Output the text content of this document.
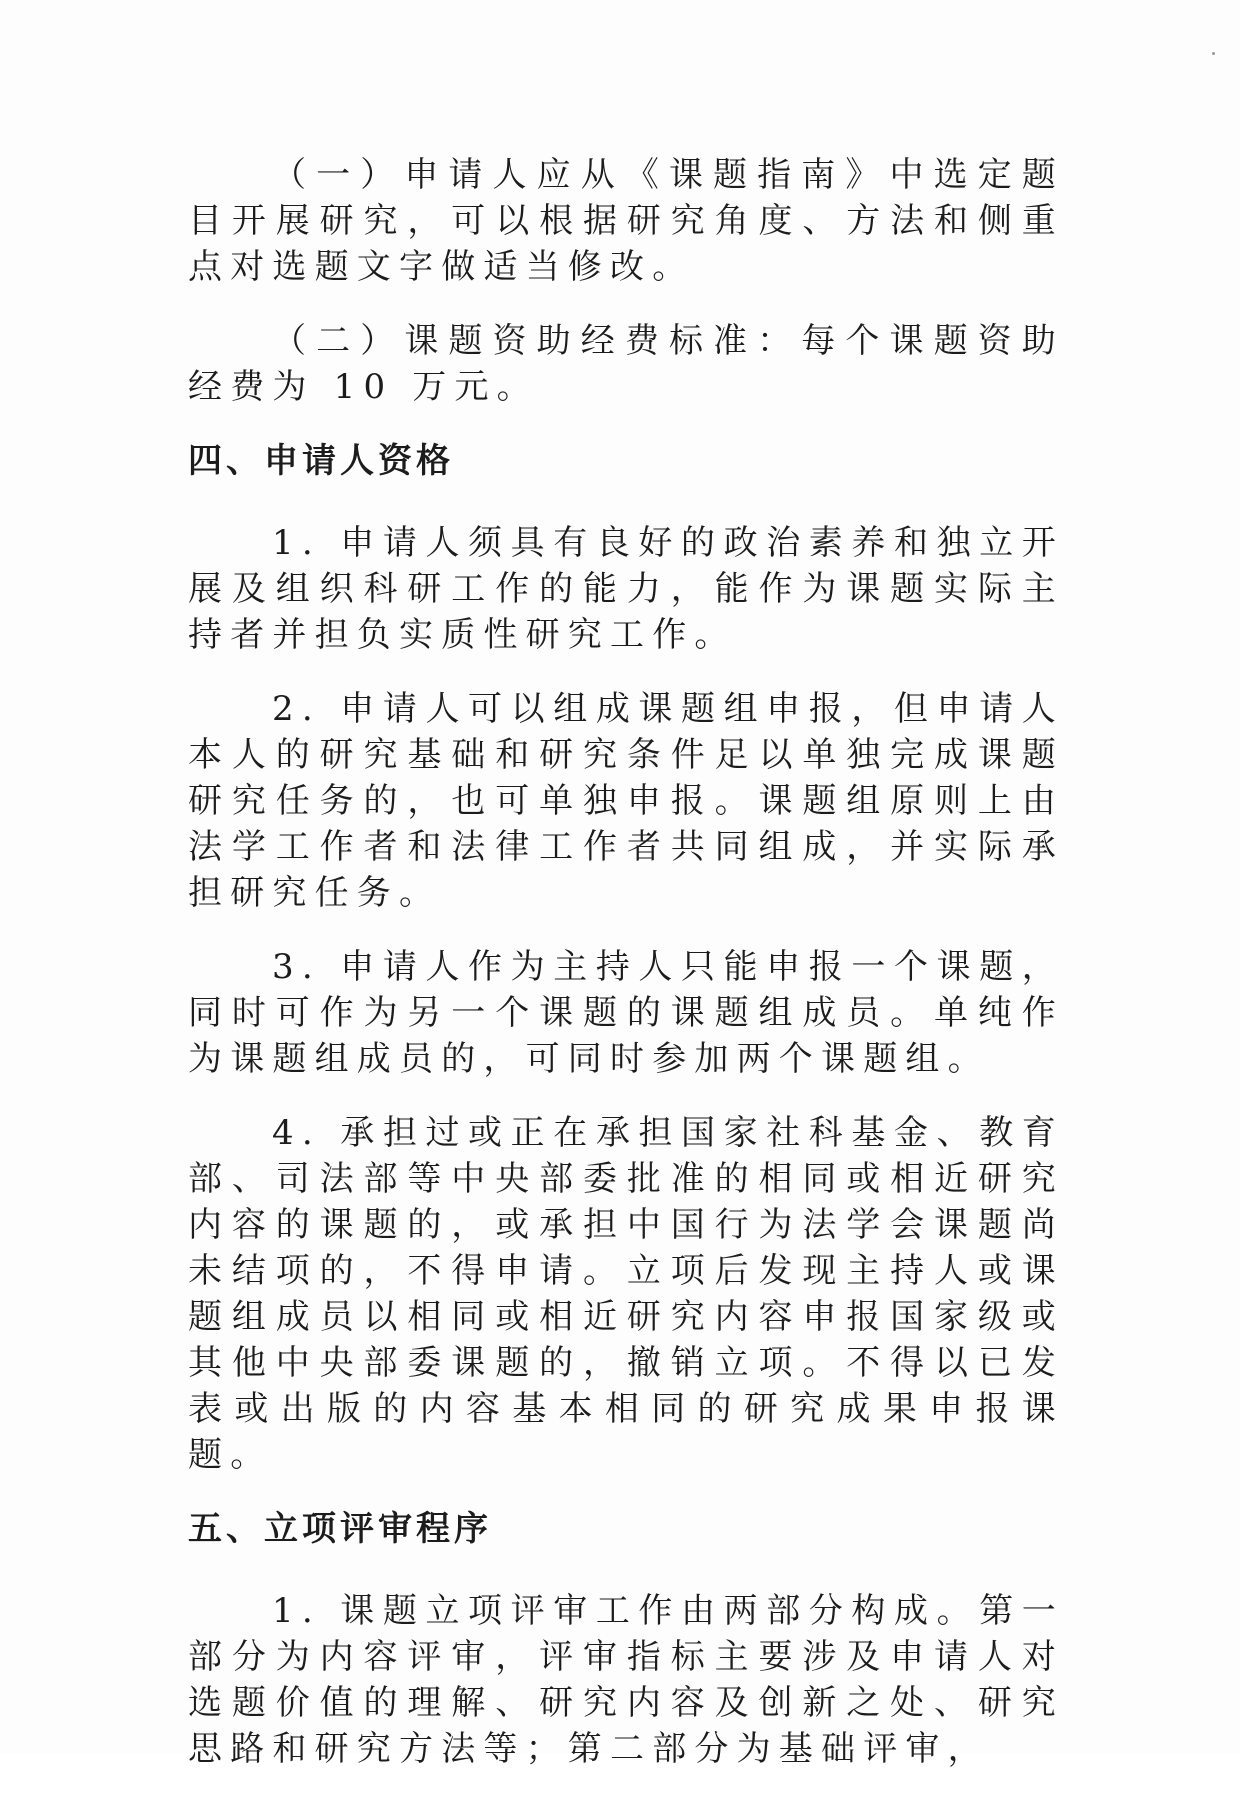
（一）申请人应从《课题指南》中选定题目开展研究，可以根据研究角度、方法和侧重点对选题文字做适当修改。

（二）课题资助经费标准：每个课题资助经费为 10 万元。

四、申请人资格

1. 申请人须具有良好的政治素养和独立开展及组织科研工作的能力，能作为课题实际主持者并担负实质性研究工作。

2. 申请人可以组成课题组申报，但申请人本人的研究基础和研究条件足以单独完成课题研究任务的，也可单独申报。课题组原则上由法学工作者和法律工作者共同组成，并实际承担研究任务。

3. 申请人作为主持人只能申报一个课题，同时可作为另一个课题的课题组成员。单纯作为课题组成员的，可同时参加两个课题组。

4. 承担过或正在承担国家社科基金、教育部、司法部等中央部委批准的相同或相近研究内容的课题的，或承担中国行为法学会课题尚未结项的，不得申请。立项后发现主持人或课题组成员以相同或相近研究内容申报国家级或其他中央部委课题的，撤销立项。不得以已发表或出版的内容基本相同的研究成果申报课题。

五、立项评审程序

1. 课题立项评审工作由两部分构成。第一部分为内容评审，评审指标主要涉及申请人对选题价值的理解、研究内容及创新之处、研究思路和研究方法等；第二部分为基础评审，
